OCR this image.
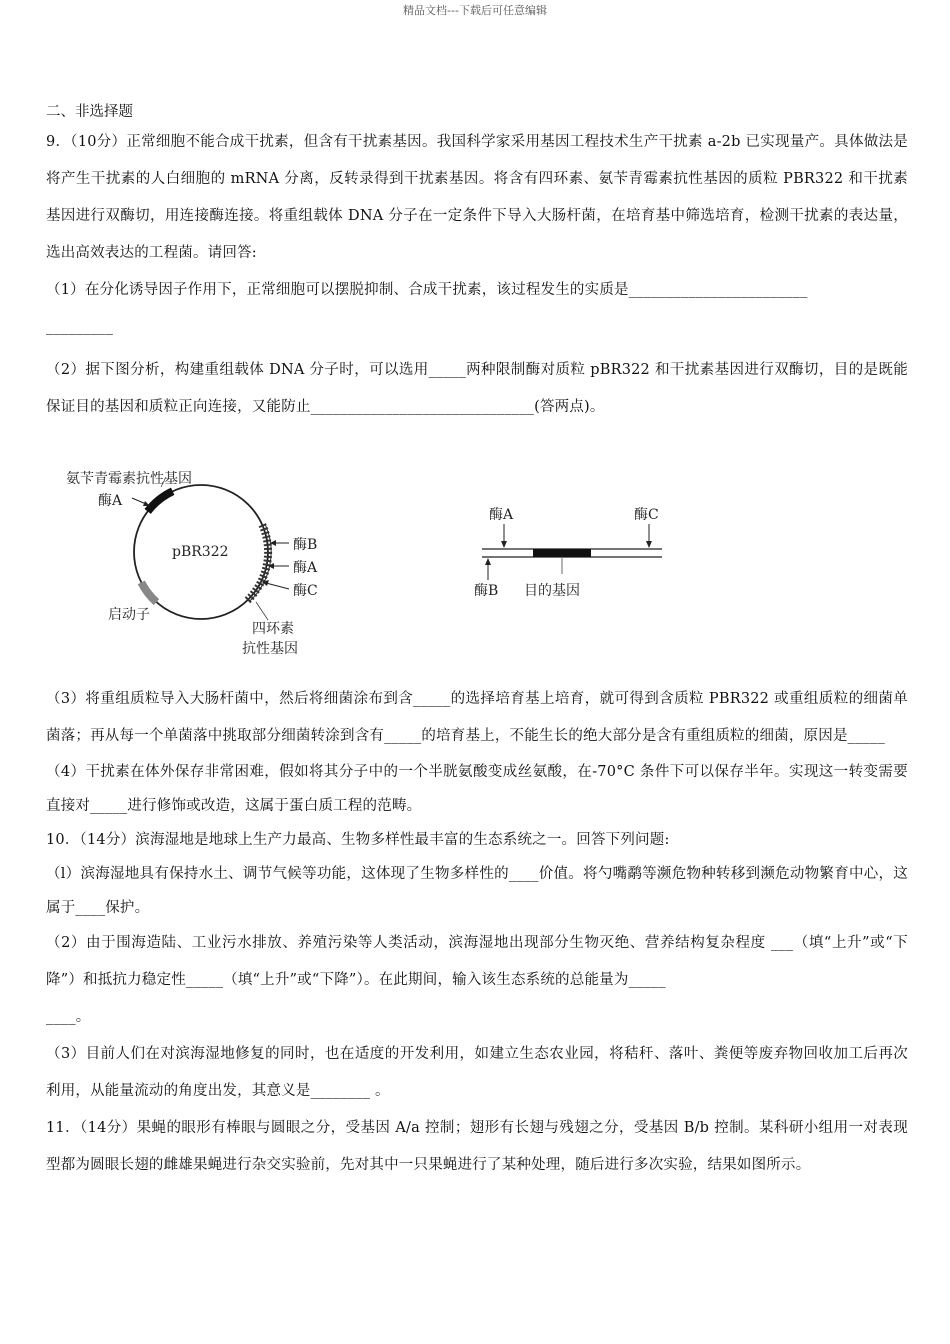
精品文档---下载后可任意编辑
二、非选择题

9．（10分）正常细胞不能合成干扰素，但含有干扰素基因。我国科学家采用基因工程技术生产干扰素 a-2b 已实现量产。具体做法是将产生干扰素的人白细胞的 mRNA 分离，反转录得到干扰素基因。将含有四环素、氨苄青霉素抗性基因的质粒 PBR322 和干扰素基因进行双酶切，用连接酶连接。将重组载体 DNA 分子在一定条件下导入大肠杆菌，在培育基中筛选培育，检测干扰素的表达量，选出高效表达的工程菌。请回答:

（1）在分化诱导因子作用下，正常细胞可以摆脱抑制、合成干扰素，该过程发生的实质是________________________

_________

（2）据下图分析，构建重组载体 DNA 分子时，可以选用_____两种限制酶对质粒 pBR322 和干扰素基因进行双酶切，目的是既能保证目的基因和质粒正向连接，又能防止______________________________(答两点)。

氨苄青霉素抗性基因
酶A
pBR322	酶B
酶A
酶C
启动子
四环素
抗性基因
酶A	酶C
酶B 目的基因

（3）将重组质粒导入大肠杆菌中，然后将细菌涂布到含_____的选择培育基上培育，就可得到含质粒 PBR322 或重组质粒的细菌单菌落；再从每一个单菌落中挑取部分细菌转涂到含有_____的培育基上，不能生长的绝大部分是含有重组质粒的细菌，原因是_____

（4）干扰素在体外保存非常困难，假如将其分子中的一个半胱氨酸变成丝氨酸，在-70°C 条件下可以保存半年。实现这一转变需要直接对_____进行修饰或改造，这属于蛋白质工程的范畴。

10．（14分）滨海湿地是地球上生产力最高、生物多样性最丰富的生态系统之一。回答下列问题:

（l）滨海湿地具有保持水土、调节气候等功能，这体现了生物多样性的____价值。将勺嘴鹬等濒危物种转移到濒危动物繁育中心，这属于____保护。

（2）由于围海造陆、工业污水排放、养殖污染等人类活动，滨海湿地出现部分生物灭绝、营养结构复杂程度 ___（填“上升”或“下降”）和抵抗力稳定性_____（填“上升”或“下降”）。在此期间，输入该生态系统的总能量为_____

____。

（3）目前人们在对滨海湿地修复的同时，也在适度的开发利用，如建立生态农业园，将秸秆、落叶、粪便等废弃物回收加工后再次利用，从能量流动的角度出发，其意义是________ 。

11．（14分）果蝇的眼形有棒眼与圆眼之分，受基因 A/a 控制；翅形有长翅与残翅之分，受基因 B/b 控制。某科研小组用一对表现型都为圆眼长翅的雌雄果蝇进行杂交实验前，先对其中一只果蝇进行了某种处理，随后进行多次实验，结果如图所示。
